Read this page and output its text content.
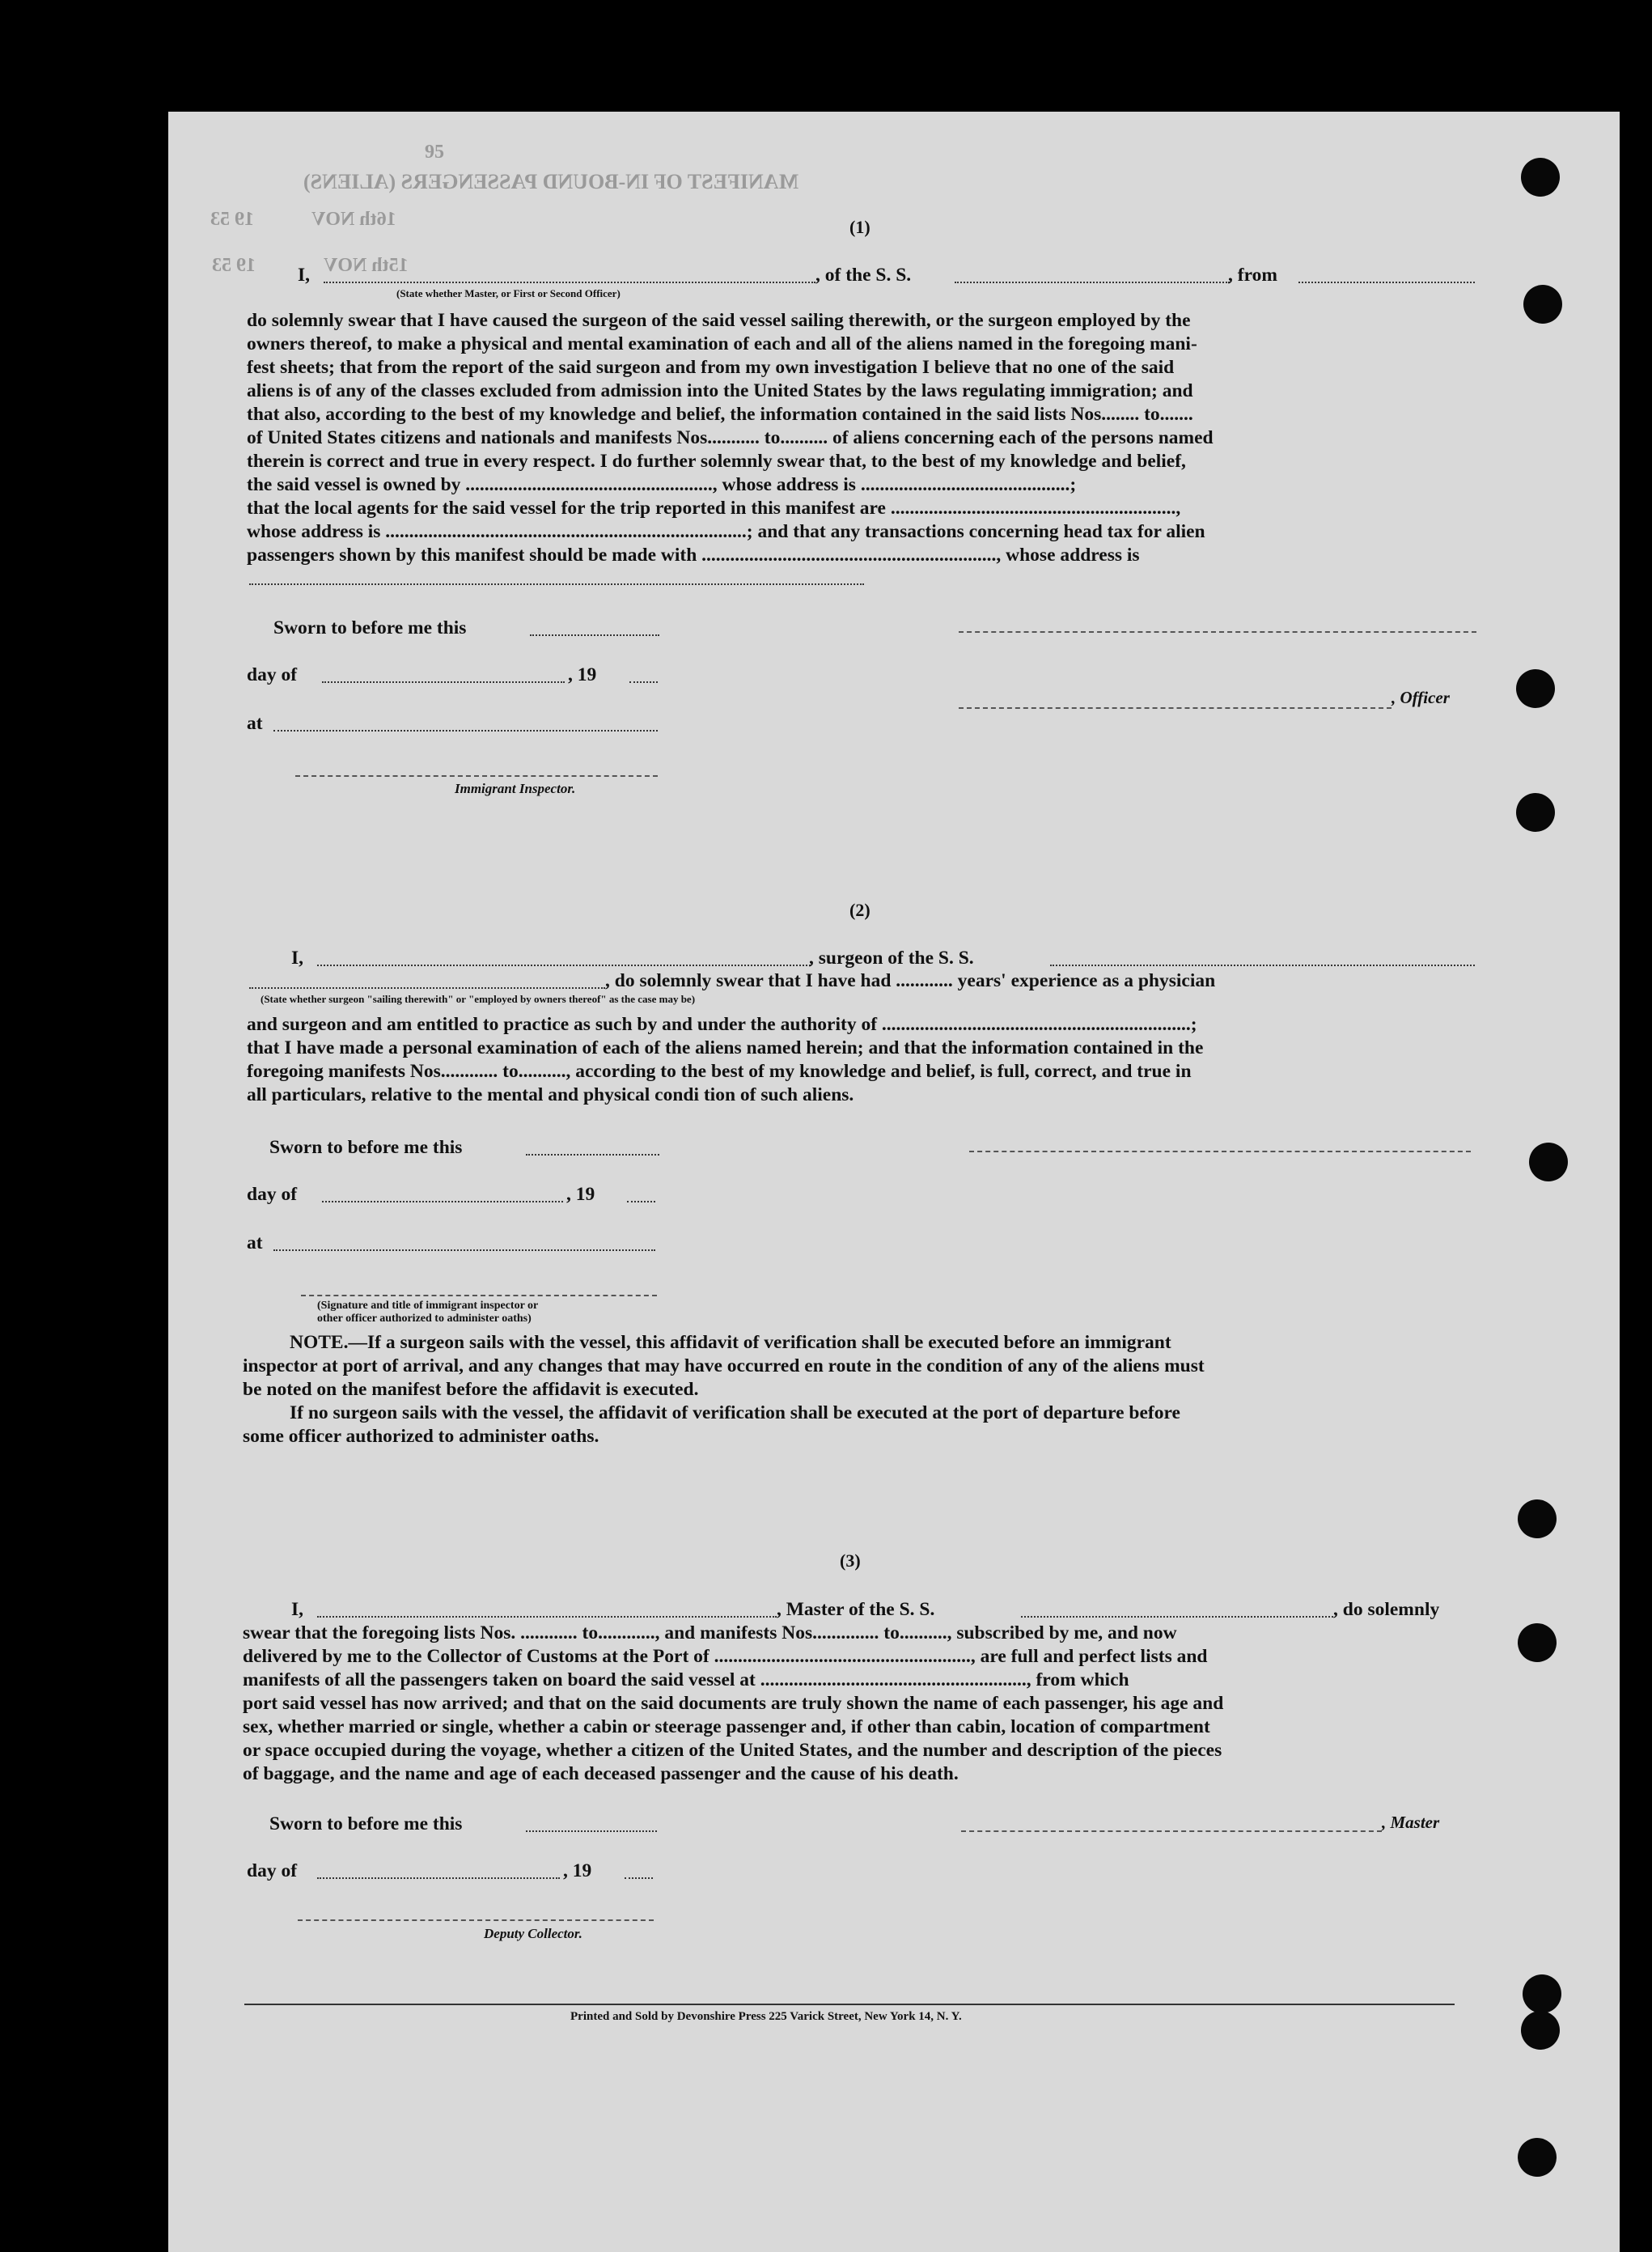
95
MANIFEST OF IN-BOUND PASSENGERS (ALIENS)
16th NOV
19 53
15th NOV
19 53
(1)
I,	, of the S. S.	, from
(State whether Master, or First or Second Officer)
do solemnly swear that I have caused the surgeon of the said vessel sailing therewith, or the surgeon employed by the
owners thereof, to make a physical and mental examination of each and all of the aliens named in the foregoing mani-
fest sheets; that from the report of the said surgeon and from my own investigation I believe that no one of the said
aliens is of any of the classes excluded from admission into the United States by the laws regulating immigration; and
that also, according to the best of my knowledge and belief, the information contained in the said lists Nos........ to.......
of United States citizens and nationals and manifests Nos........... to.......... of aliens concerning each of the persons named
therein is correct and true in every respect. I do further solemnly swear that, to the best of my knowledge and belief,
the said vessel is owned by ...................................................., whose address is ............................................;
that the local agents for the said vessel for the trip reported in this manifest are ............................................................,
whose address is ............................................................................; and that any transactions concerning head tax for alien
passengers shown by this manifest should be made with .............................................................., whose address is
Sworn to before me this
day of	, 19
, Officer
at
Immigrant Inspector.
(2)
I,	, surgeon of the S. S.
, do solemnly swear that I have had ............ years' experience as a physician
(State whether surgeon "sailing therewith" or "employed by owners thereof" as the case may be)
and surgeon and am entitled to practice as such by and under the authority of .................................................................;
that I have made a personal examination of each of the aliens named herein; and that the information contained in the
foregoing manifests Nos............ to.........., according to the best of my knowledge and belief, is full, correct, and true in
all particulars, relative to the mental and physical condi tion of such aliens.
Sworn to before me this
day of	, 19
at
(Signature and title of immigrant inspector or
other officer authorized to administer oaths)
NOTE.—If a surgeon sails with the vessel, this affidavit of verification shall be executed before an immigrant
inspector at port of arrival, and any changes that may have occurred en route in the condition of any of the aliens must
be noted on the manifest before the affidavit is executed.
If no surgeon sails with the vessel, the affidavit of verification shall be executed at the port of departure before
some officer authorized to administer oaths.
(3)
I,	, Master of the S. S.	, do solemnly
swear that the foregoing lists Nos. ............ to............, and manifests Nos.............. to.........., subscribed by me, and now
delivered by me to the Collector of Customs at the Port of ......................................................, are full and perfect lists and
manifests of all the passengers taken on board the said vessel at ........................................................, from which
port said vessel has now arrived; and that on the said documents are truly shown the name of each passenger, his age and
sex, whether married or single, whether a cabin or steerage passenger and, if other than cabin, location of compartment
or space occupied during the voyage, whether a citizen of the United States, and the number and description of the pieces
of baggage, and the name and age of each deceased passenger and the cause of his death.
Sworn to before me this	, Master
day of	, 19
Deputy Collector.
Printed and Sold by Devonshire Press 225 Varick Street, New York 14, N. Y.
